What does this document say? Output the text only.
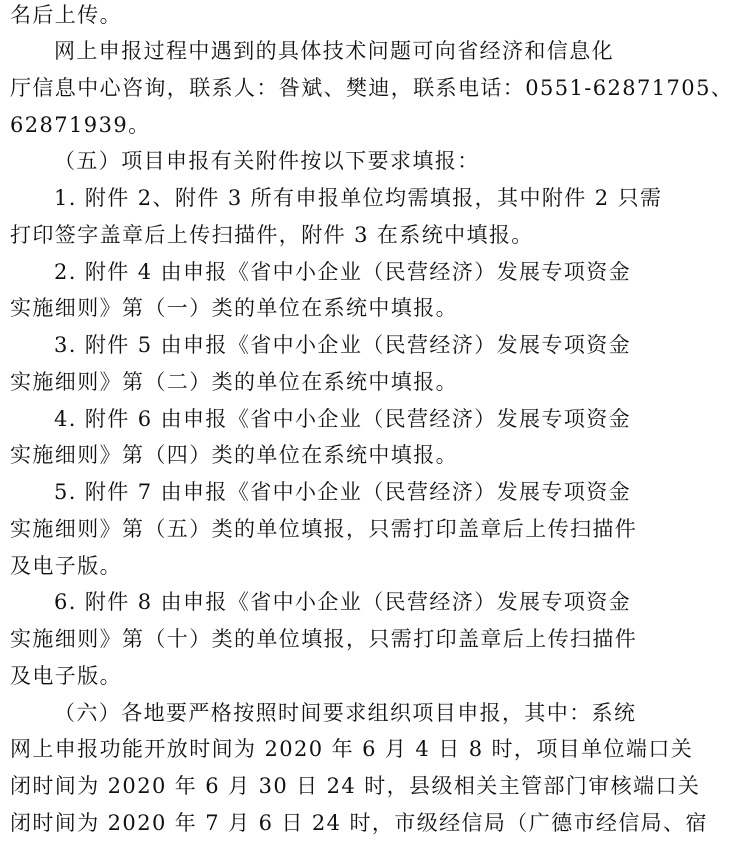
名后上传。
网上申报过程中遇到的具体技术问题可向省经济和信息化
厅信息中心咨询，联系人：昝斌、樊迪，联系电话：0551-62871705、
62871939。
（五）项目申报有关附件按以下要求填报：
1. 附件 2、附件 3 所有申报单位均需填报，其中附件 2 只需
打印签字盖章后上传扫描件，附件 3 在系统中填报。
2. 附件 4 由申报《省中小企业（民营经济）发展专项资金
实施细则》第（一）类的单位在系统中填报。
3. 附件 5 由申报《省中小企业（民营经济）发展专项资金
实施细则》第（二）类的单位在系统中填报。
4. 附件 6 由申报《省中小企业（民营经济）发展专项资金
实施细则》第（四）类的单位在系统中填报。
5. 附件 7 由申报《省中小企业（民营经济）发展专项资金
实施细则》第（五）类的单位填报，只需打印盖章后上传扫描件
及电子版。
6. 附件 8 由申报《省中小企业（民营经济）发展专项资金
实施细则》第（十）类的单位填报，只需打印盖章后上传扫描件
及电子版。
（六）各地要严格按照时间要求组织项目申报，其中：系统
网上申报功能开放时间为 2020 年 6 月 4 日 8 时，项目单位端口关
闭时间为 2020 年 6 月 30 日 24 时，县级相关主管部门审核端口关
闭时间为 2020 年 7 月 6 日 24 时，市级经信局（广德市经信局、宿
